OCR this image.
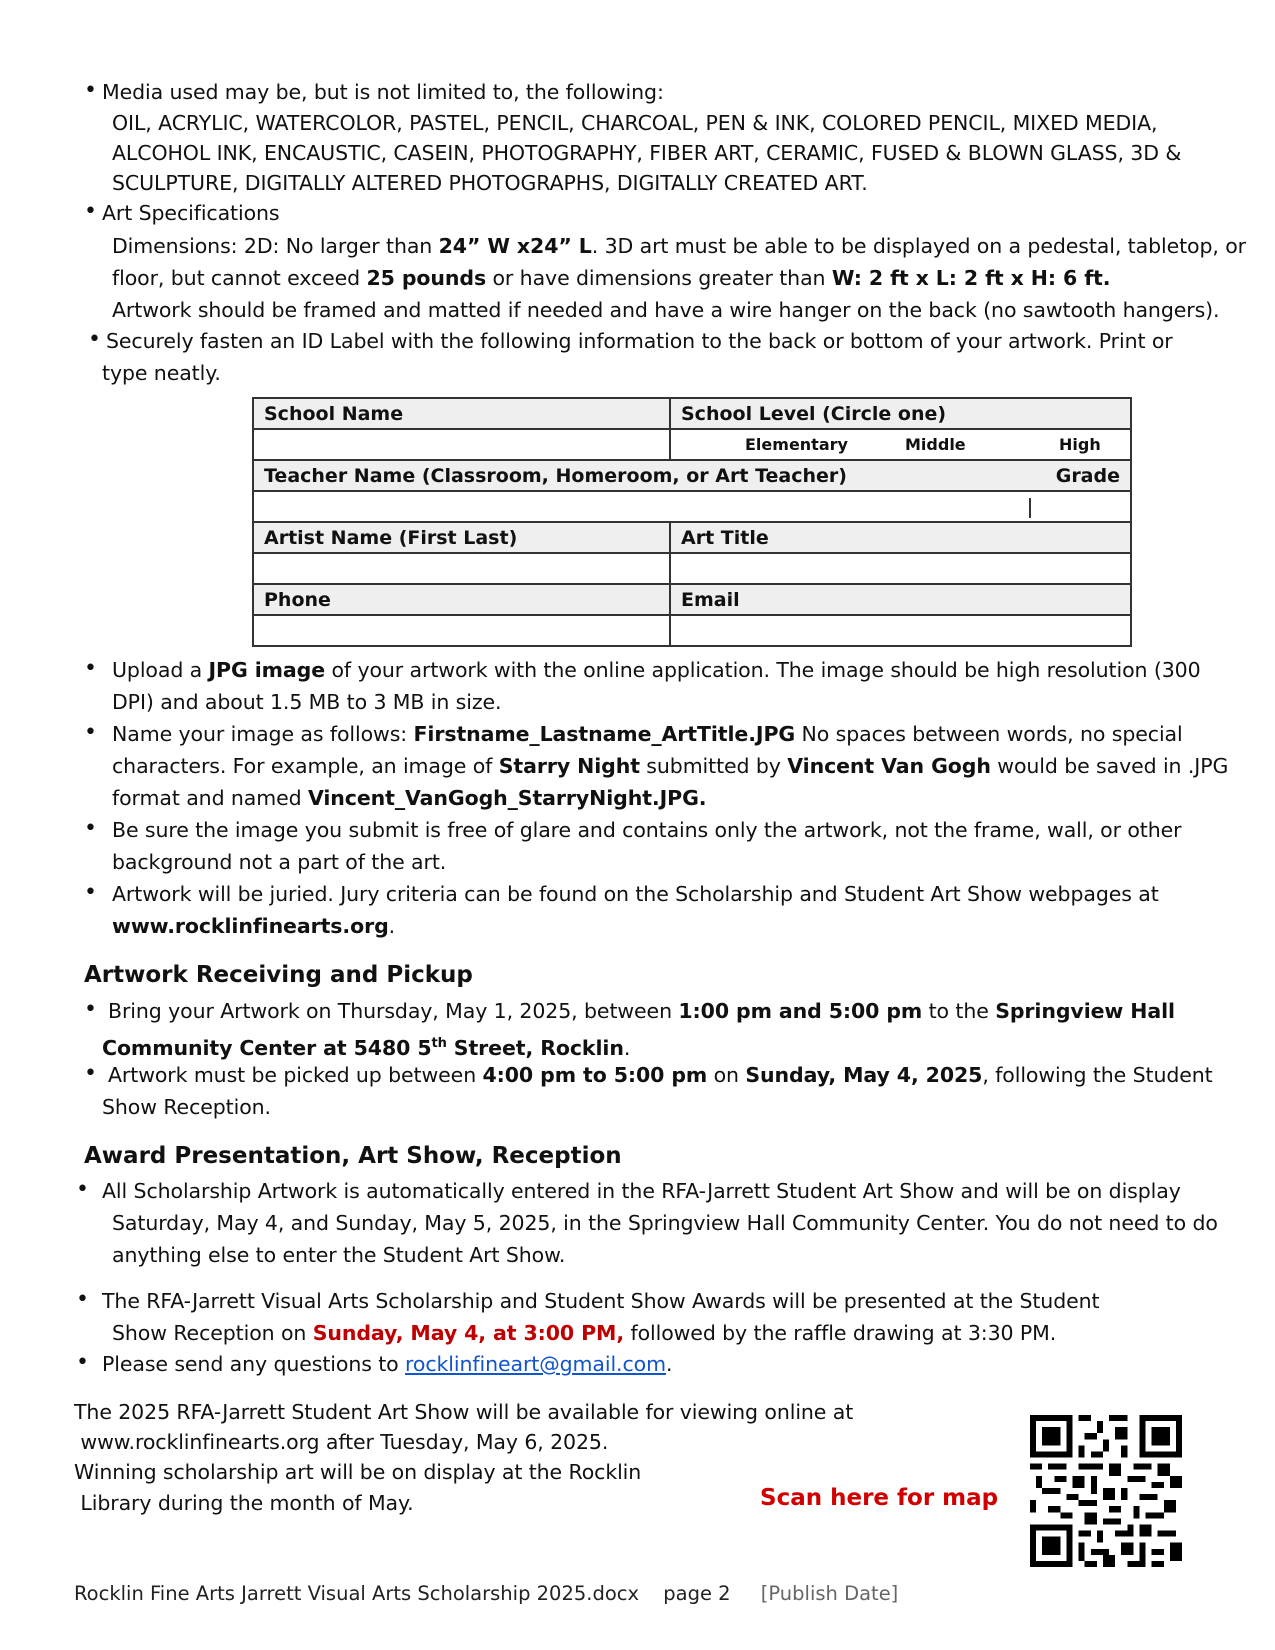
• Media used may be, but is not limited to, the following:
OIL, ACRYLIC, WATERCOLOR, PASTEL, PENCIL, CHARCOAL, PEN & INK, COLORED PENCIL, MIXED MEDIA,
ALCOHOL INK, ENCAUSTIC, CASEIN, PHOTOGRAPHY, FIBER ART, CERAMIC, FUSED & BLOWN GLASS, 3D &
SCULPTURE, DIGITALLY ALTERED PHOTOGRAPHS, DIGITALLY CREATED ART.
• Art Specifications
Dimensions: 2D: No larger than 24” W x24” L. 3D art must be able to be displayed on a pedestal, tabletop, or
floor, but cannot exceed 25 pounds or have dimensions greater than W: 2 ft x L: 2 ft x H: 6 ft.
Artwork should be framed and matted if needed and have a wire hanger on the back (no sawtooth hangers).
• Securely fasten an ID Label with the following information to the back or bottom of your artwork. Print or
type neatly.
School Name	School Level (Circle one)
	Elementary Middle High
Teacher Name (Classroom, Homeroom, or Art Teacher) Grade	

Artist Name (First Last)	Art Title

Phone	Email

• Upload a JPG image of your artwork with the online application. The image should be high resolution (300
DPI) and about 1.5 MB to 3 MB in size.
• Name your image as follows: Firstname_Lastname_ArtTitle.JPG No spaces between words, no special
characters. For example, an image of Starry Night submitted by Vincent Van Gogh would be saved in .JPG
format and named Vincent_VanGogh_StarryNight.JPG.
• Be sure the image you submit is free of glare and contains only the artwork, not the frame, wall, or other
background not a part of the art.
• Artwork will be juried. Jury criteria can be found on the Scholarship and Student Art Show webpages at
www.rocklinfinearts.org.
Artwork Receiving and Pickup
• Bring your Artwork on Thursday, May 1, 2025, between 1:00 pm and 5:00 pm to the Springview Hall
Community Center at 5480 5th Street, Rocklin.
• Artwork must be picked up between 4:00 pm to 5:00 pm on Sunday, May 4, 2025, following the Student
Show Reception.
Award Presentation, Art Show, Reception
• All Scholarship Artwork is automatically entered in the RFA-Jarrett Student Art Show and will be on display
Saturday, May 4, and Sunday, May 5, 2025, in the Springview Hall Community Center. You do not need to do
anything else to enter the Student Art Show.
• The RFA-Jarrett Visual Arts Scholarship and Student Show Awards will be presented at the Student
Show Reception on Sunday, May 4, at 3:00 PM, followed by the raffle drawing at 3:30 PM.
• Please send any questions to rocklinfineart@gmail.com.
The 2025 RFA-Jarrett Student Art Show will be available for viewing online at
www.rocklinfinearts.org after Tuesday, May 6, 2025.
Winning scholarship art will be on display at the Rocklin
Library during the month of May.	Scan here for map
Rocklin Fine Arts Jarrett Visual Arts Scholarship 2025.docx page 2 [Publish Date]
